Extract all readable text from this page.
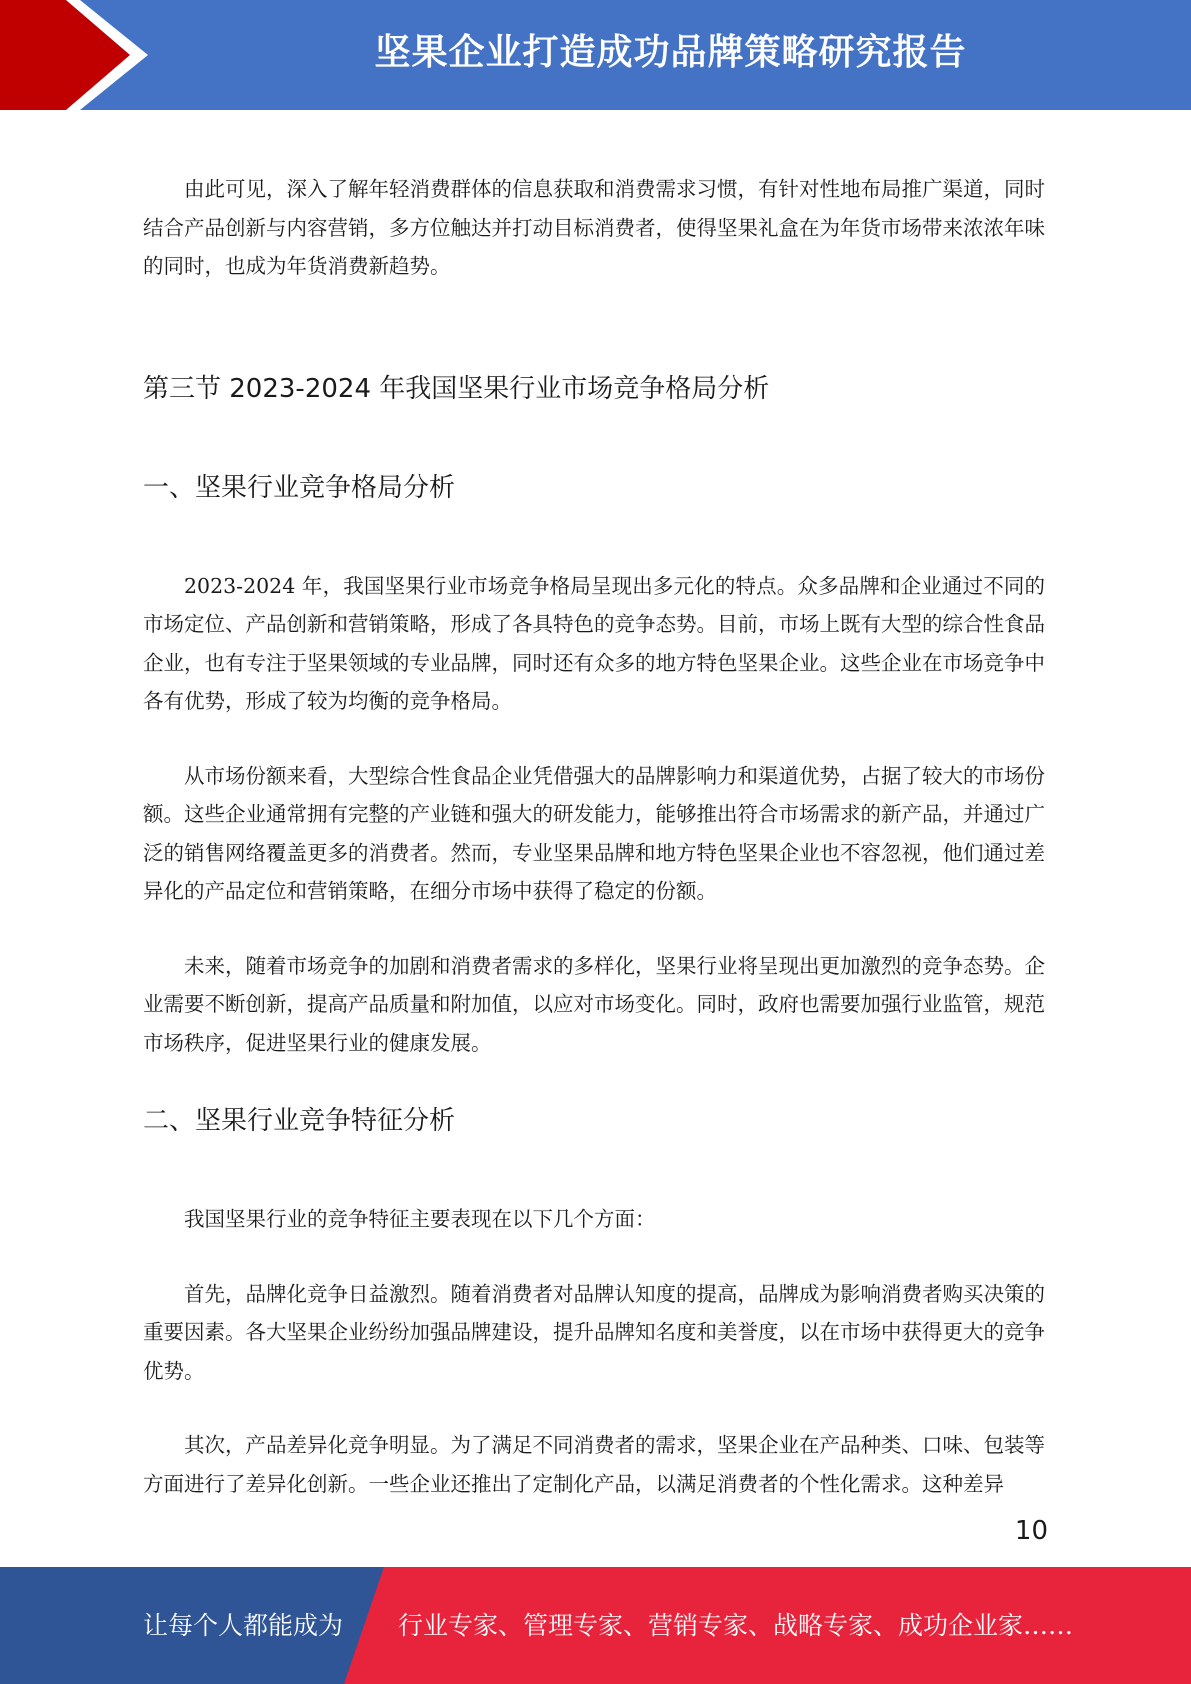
坚果企业打造成功品牌策略研究报告

由此可见，深入了解年轻消费群体的信息获取和消费需求习惯，有针对性地布局推广渠道，同时结合产品创新与内容营销，多方位触达并打动目标消费者，使得坚果礼盒在为年货市场带来浓浓年味的同时，也成为年货消费新趋势。

第三节 2023-2024 年我国坚果行业市场竞争格局分析
一、坚果行业竞争格局分析

2023-2024 年，我国坚果行业市场竞争格局呈现出多元化的特点。众多品牌和企业通过不同的市场定位、产品创新和营销策略，形成了各具特色的竞争态势。目前，市场上既有大型的综合性食品企业，也有专注于坚果领域的专业品牌，同时还有众多的地方特色坚果企业。这些企业在市场竞争中各有优势，形成了较为均衡的竞争格局。

从市场份额来看，大型综合性食品企业凭借强大的品牌影响力和渠道优势，占据了较大的市场份额。这些企业通常拥有完整的产业链和强大的研发能力，能够推出符合市场需求的新产品，并通过广泛的销售网络覆盖更多的消费者。然而，专业坚果品牌和地方特色坚果企业也不容忽视，他们通过差异化的产品定位和营销策略，在细分市场中获得了稳定的份额。

未来，随着市场竞争的加剧和消费者需求的多样化，坚果行业将呈现出更加激烈的竞争态势。企业需要不断创新，提高产品质量和附加值，以应对市场变化。同时，政府也需要加强行业监管，规范市场秩序，促进坚果行业的健康发展。

二、坚果行业竞争特征分析

我国坚果行业的竞争特征主要表现在以下几个方面：

首先，品牌化竞争日益激烈。随着消费者对品牌认知度的提高，品牌成为影响消费者购买决策的重要因素。各大坚果企业纷纷加强品牌建设，提升品牌知名度和美誉度，以在市场中获得更大的竞争优势。

其次，产品差异化竞争明显。为了满足不同消费者的需求，坚果企业在产品种类、口味、包装等方面进行了差异化创新。一些企业还推出了定制化产品，以满足消费者的个性化需求。这种差异

10
让每个人都能成为 行业专家、管理专家、营销专家、战略专家、成功企业家……
